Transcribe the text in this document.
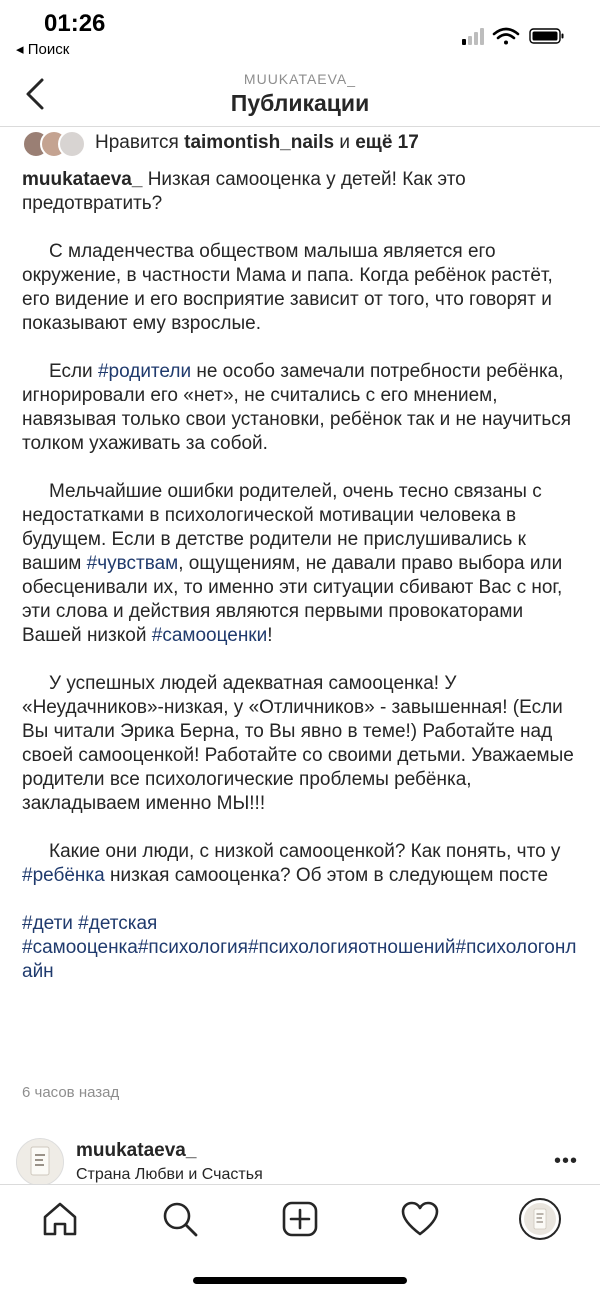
01:26
◂ Поиск
MUUKATAEVA_
Публикации
Нравится taimontish_nails и ещё 17

muukataeva_ Низкая самооценка у детей! Как это предотвратить?

С младенчества обществом малыша является его окружение, в частности Мама и папа. Когда ребёнок растёт, его видение и его восприятие зависит от того, что говорят и показывают ему взрослые.

Если #родители не особо замечали потребности ребёнка, игнорировали его «нет», не считались с его мнением, навязывая только свои установки, ребёнок так и не научиться толком ухаживать за собой.

Мельчайшие ошибки родителей, очень тесно связаны с недостатками в психологической мотивации человека в будущем. Если в детстве родители не прислушивались к вашим #чувствам, ощущениям, не давали право выбора или обесценивали их, то именно эти ситуации сбивают Вас с ног, эти слова и действия являются первыми провокаторами Вашей низкой #самооценки!

У успешных людей адекватная самооценка! У «Неудачников»-низкая, у «Отличников» - завышенная! (Если Вы читали Эрика Берна, то Вы явно в теме!) Работайте над своей самооценкой! Работайте со своими детьми. Уважаемые родители все психологические проблемы ребёнка, закладываем именно МЫ!!!

Какие они люди, с низкой самооценкой? Как понять, что у #ребёнка низкая самооценка? Об этом в следующем посте

#дети #детская

#самооценка#психология#психологияотношений#психологонлайн

6 часов назад
muukataeva_
Страна Любви и Счастья
•••
